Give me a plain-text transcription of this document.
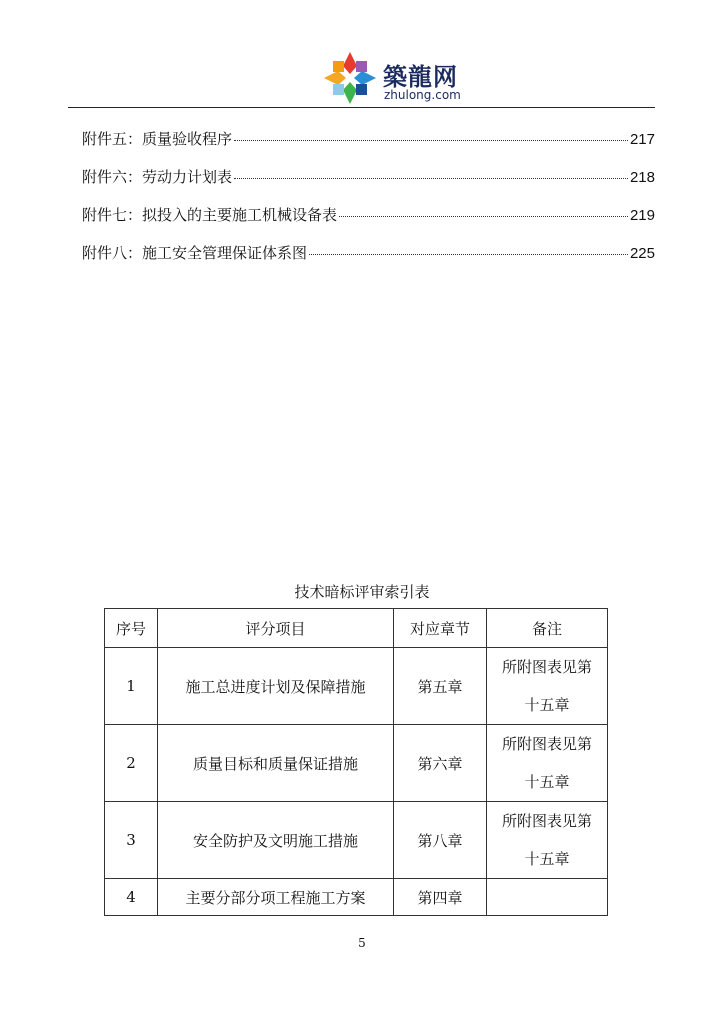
築龍网
zhulong.com
附件五：质量验收程序	217
附件六：劳动力计划表	218
附件七：拟投入的主要施工机械设备表	219
附件八：施工安全管理保证体系图	225
技术暗标评审索引表
序号	评分项目	对应章节	备注
1	施工总进度计划及保障措施	第五章	所附图表见第
十五章

2	质量目标和质量保证措施	第六章	所附图表见第
十五章

3	安全防护及文明施工措施	第八章	所附图表见第
十五章

4	主要分部分项工程施工方案	第四章	
5
